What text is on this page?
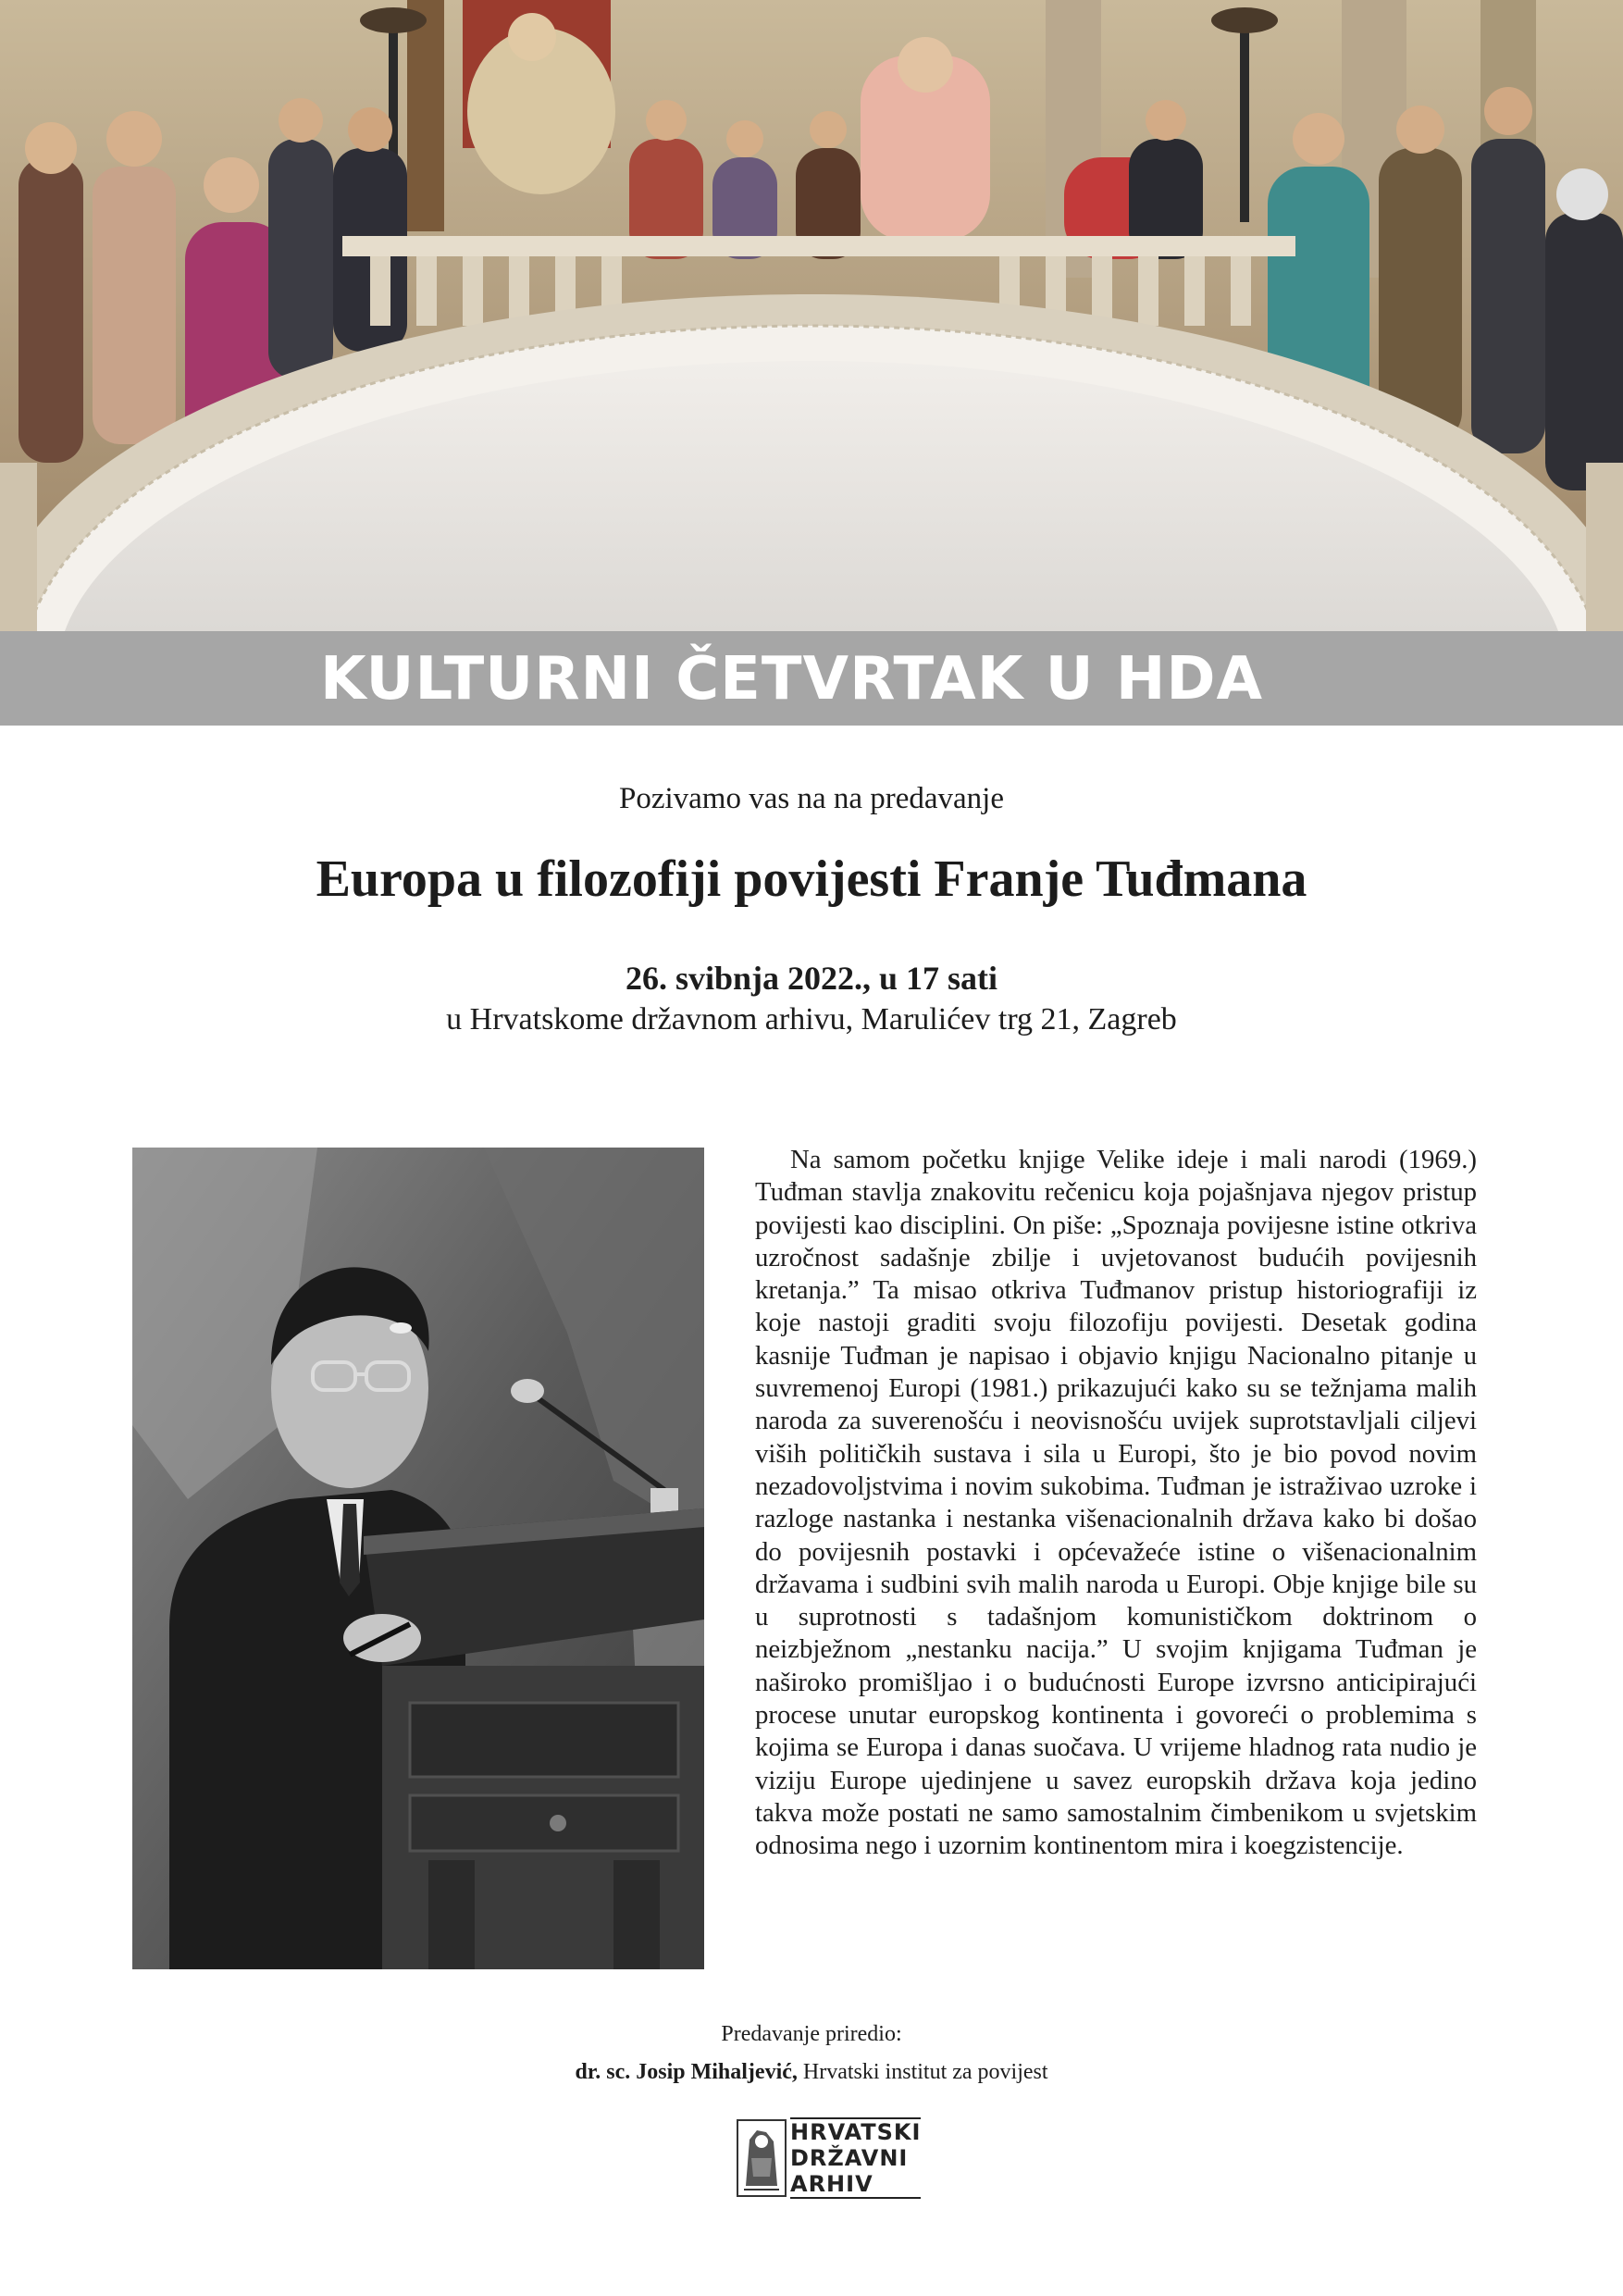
KULTURNI ČETVRTAK U HDA
Pozivamo vas na na predavanje
Europa u filozofiji povijesti Franje Tuđmana
26. svibnja 2022., u 17 sati
u Hrvatskome državnom arhivu, Marulićev trg 21, Zagreb
Na samom početku knjige Velike ideje i mali narodi (1969.) Tuđman stavlja znakovitu rečenicu koja pojašnjava njegov pristup povijesti kao disciplini. On piše: „Spoznaja povijesne istine otkriva uzročnost sadašnje zbilje i uvjetovanost budućih povijesnih kretanja.” Ta misao otkriva Tuđmanov pristup historiografiji iz koje nastoji graditi svoju filozofiju povijesti. Desetak godina kasnije Tuđman je napisao i objavio knjigu Nacionalno pitanje u suvremenoj Europi (1981.) prikazujući kako su se težnjama malih naroda za suverenošću i neovisnošću uvijek suprotstavljali ciljevi viših političkih sustava i sila u Europi, što je bio povod novim nezadovoljstvima i novim sukobima. Tuđman je istraživao uzroke i razloge nastanka i nestanka višenacionalnih država kako bi došao do povijesnih postavki i općevažeće istine o višenacionalnim državama i sudbini svih malih naroda u Europi. Obje knjige bile su u suprotnosti s tadašnjom komunističkom doktrinom o neizbježnom „nestanku nacija.” U svojim knjigama Tuđman je naširoko promišljao i o budućnosti Europe izvrsno anticipirajući procese unutar europskog kontinenta i govoreći o problemima s kojima se Europa i danas suočava. U vrijeme hladnog rata nudio je viziju Europe ujedinjene u savez europskih država koja jedino takva može postati ne samo samostalnim čimbenikom u svjetskim odnosima nego i uzornim kontinentom mira i koegzistencije.
Predavanje priredio:
dr. sc. Josip Mihaljević, Hrvatski institut za povijest
HRVATSKI
DRŽAVNI
ARHIV
